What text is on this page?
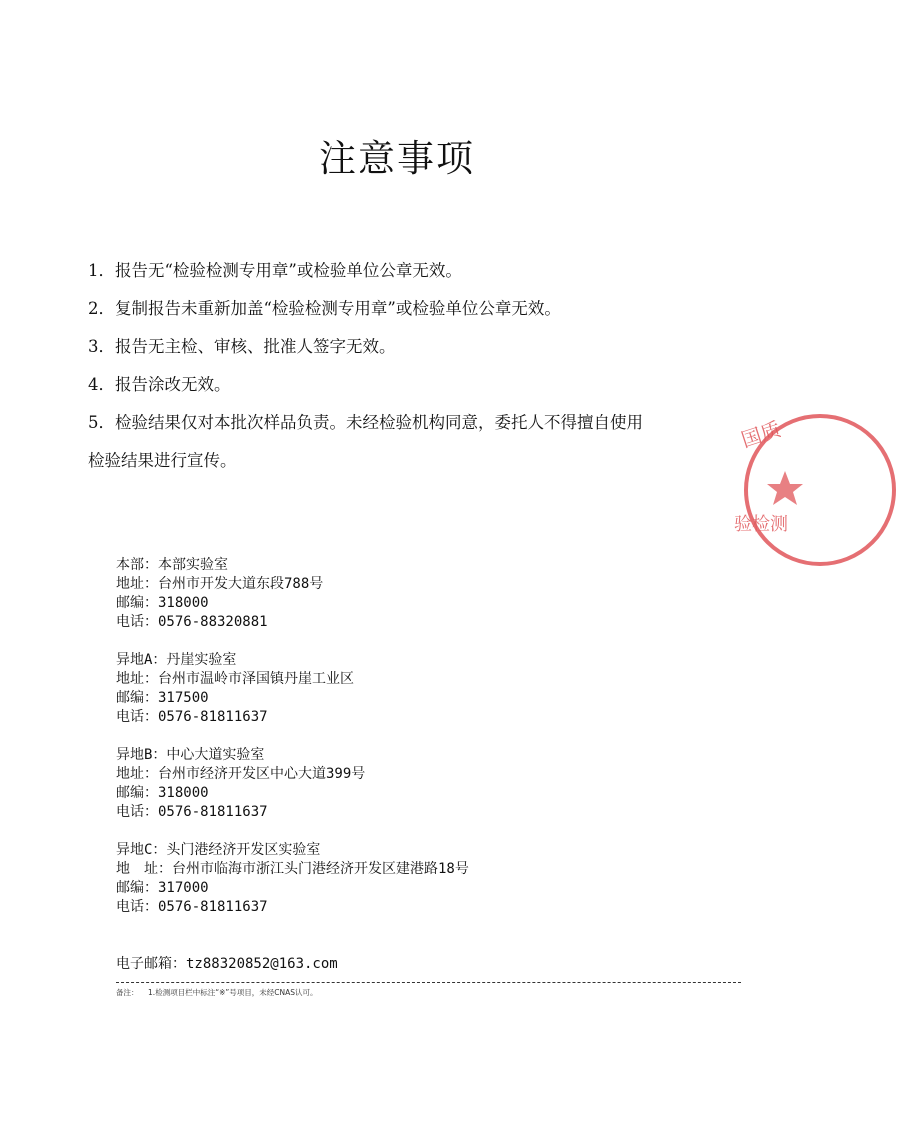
注意事项
1．报告无“检验检测专用章”或检验单位公章无效。
2．复制报告未重新加盖“检验检测专用章”或检验单位公章无效。
3．报告无主检、审核、批准人签字无效。
4．报告涂改无效。
5．检验结果仅对本批次样品负责。未经检验机构同意，委托人不得擅自使用
检验结果进行宣传。
本部：本部实验室
地址：台州市开发大道东段788号
邮编：318000
电话：0576-88320881
异地A：丹崖实验室
地址：台州市温岭市泽国镇丹崖工业区
邮编：317500
电话：0576-81811637
异地B：中心大道实验室
地址：台州市经济开发区中心大道399号
邮编：318000
电话：0576-81811637
异地C：头门港经济开发区实验室
地　址：台州市临海市浙江头门港经济开发区建港路18号
邮编：317000
电话：0576-81811637
电子邮箱：tz88320852@163.com
备注：    1.检测项目栏中标注“※”号项目，未经CNAS认可。
国质
验检测
